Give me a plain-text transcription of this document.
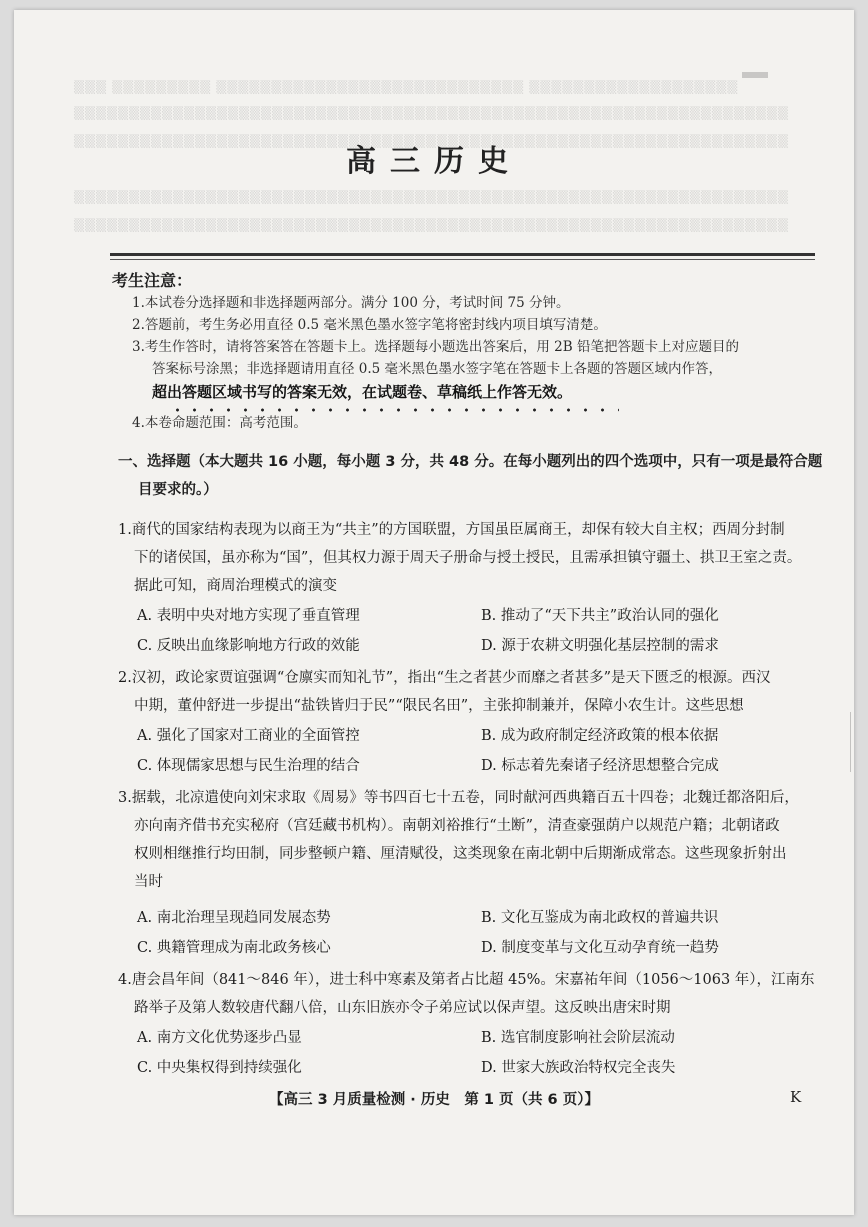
▒▒▒ ▒▒▒▒▒▒▒▒▒ ▒▒▒▒▒▒▒▒▒▒▒▒▒▒▒▒▒▒▒▒▒▒▒▒▒▒▒▒ ▒▒▒▒▒▒▒▒▒▒▒▒▒▒▒▒▒▒▒
▒▒▒▒▒▒▒▒▒▒▒▒▒▒▒▒▒▒▒▒▒▒▒▒▒▒▒▒▒▒▒▒▒▒▒▒▒▒▒▒▒▒▒▒▒▒▒▒▒▒▒▒▒▒▒▒▒▒▒▒▒▒▒▒▒
▒▒▒▒▒▒▒▒▒▒▒▒▒▒▒▒▒▒▒▒▒▒▒▒▒▒▒▒▒▒▒▒▒▒▒▒▒▒▒▒▒▒▒▒▒▒▒▒▒▒▒▒▒▒▒▒▒▒▒▒▒▒▒▒▒
▒▒▒▒▒▒▒▒▒▒▒▒▒▒▒▒▒▒▒▒▒▒▒▒▒▒▒▒▒▒▒▒▒▒▒▒▒▒▒▒▒▒▒▒▒▒▒▒▒▒▒▒▒▒▒▒▒▒▒▒▒▒▒▒▒
▒▒▒▒▒▒▒▒▒▒▒▒▒▒▒▒▒▒▒▒▒▒▒▒▒▒▒▒▒▒▒▒▒▒▒▒▒▒▒▒▒▒▒▒▒▒▒▒▒▒▒▒▒▒▒▒▒▒▒▒▒▒▒▒▒
高三历史
考生注意：
1.本试卷分选择题和非选择题两部分。满分 100 分，考试时间 75 分钟。
2.答题前，考生务必用直径 0.5 毫米黑色墨水签字笔将密封线内项目填写清楚。
3.考生作答时，请将答案答在答题卡上。选择题每小题选出答案后，用 2B 铅笔把答题卡上对应题目的
答案标号涂黑；非选择题请用直径 0.5 毫米黑色墨水签字笔在答题卡上各题的答题区域内作答，
超出答题区域书写的答案无效，在试题卷、草稿纸上作答无效。
4.本卷命题范围：高考范围。
一、选择题（本大题共 16 小题，每小题 3 分，共 48 分。在每小题列出的四个选项中，只有一项是最符合题
目要求的。）
1.商代的国家结构表现为以商王为“共主”的方国联盟，方国虽臣属商王，却保有较大自主权；西周分封制
下的诸侯国，虽亦称为“国”，但其权力源于周天子册命与授土授民，且需承担镇守疆土、拱卫王室之责。
据此可知，商周治理模式的演变
A. 表明中央对地方实现了垂直管理	B. 推动了“天下共主”政治认同的强化
C. 反映出血缘影响地方行政的效能	D. 源于农耕文明强化基层控制的需求
2.汉初，政论家贾谊强调“仓廪实而知礼节”，指出“生之者甚少而靡之者甚多”是天下匮乏的根源。西汉
中期，董仲舒进一步提出“盐铁皆归于民”“限民名田”，主张抑制兼并，保障小农生计。这些思想
A. 强化了国家对工商业的全面管控	B. 成为政府制定经济政策的根本依据
C. 体现儒家思想与民生治理的结合	D. 标志着先秦诸子经济思想整合完成
3.据载，北凉遣使向刘宋求取《周易》等书四百七十五卷，同时献河西典籍百五十四卷；北魏迁都洛阳后，
亦向南齐借书充实秘府（宫廷藏书机构）。南朝刘裕推行“土断”，清查豪强荫户以规范户籍；北朝诸政
权则相继推行均田制，同步整顿户籍、厘清赋役，这类现象在南北朝中后期渐成常态。这些现象折射出
当时
A. 南北治理呈现趋同发展态势	B. 文化互鉴成为南北政权的普遍共识
C. 典籍管理成为南北政务核心	D. 制度变革与文化互动孕育统一趋势
4.唐会昌年间（841～846 年），进士科中寒素及第者占比超 45%。宋嘉祐年间（1056～1063 年），江南东
路举子及第人数较唐代翻八倍，山东旧族亦令子弟应试以保声望。这反映出唐宋时期
A. 南方文化优势逐步凸显	B. 选官制度影响社会阶层流动
C. 中央集权得到持续强化	D. 世家大族政治特权完全丧失
【高三 3 月质量检测 · 历史　第 1 页（共 6 页）】	K
